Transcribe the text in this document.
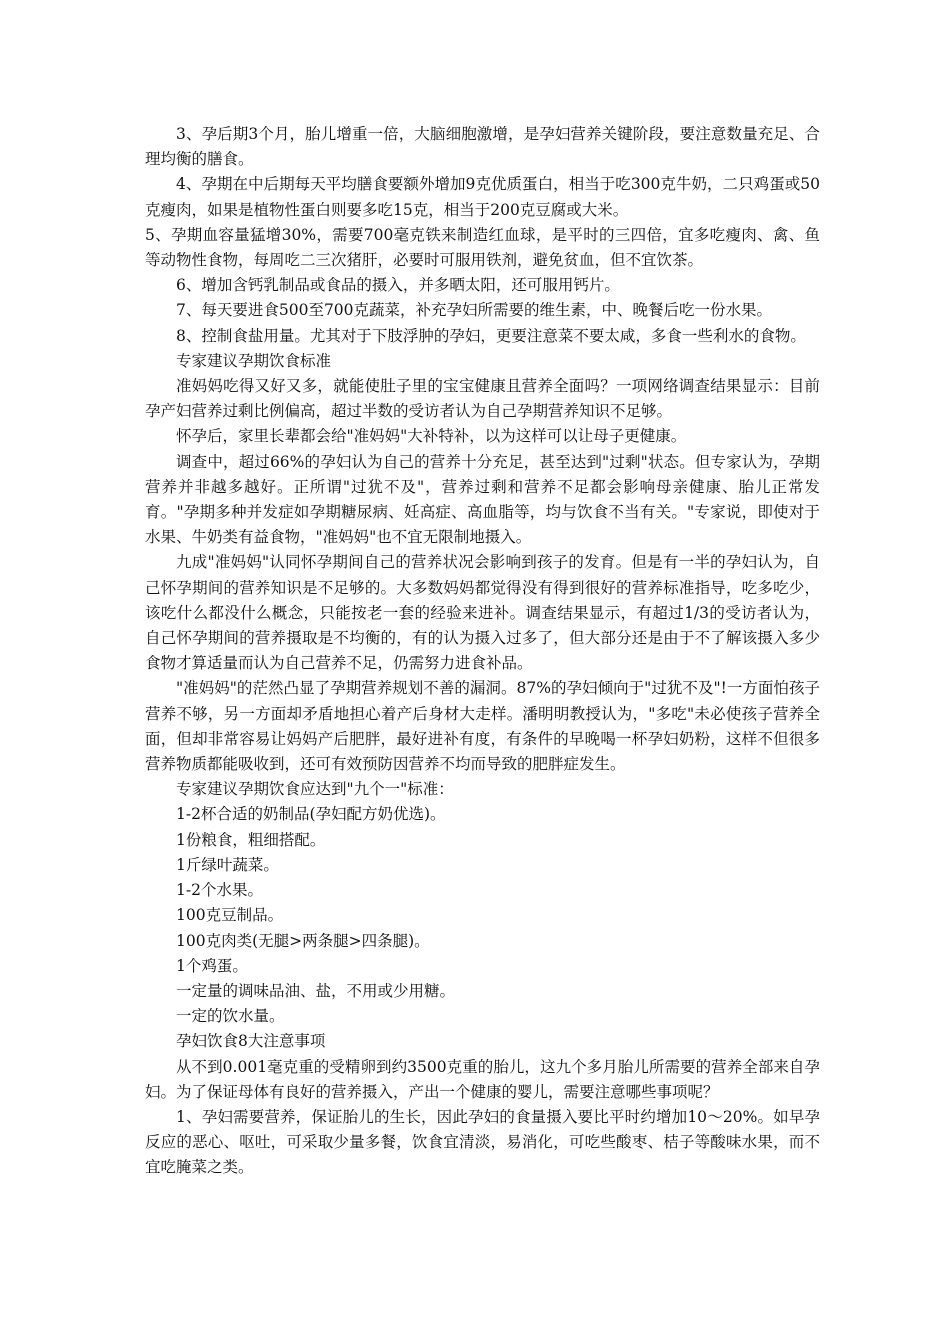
3、孕后期3个月，胎儿增重一倍，大脑细胞激增，是孕妇营养关键阶段，要注意数量充足、合理均衡的膳食。

4、孕期在中后期每天平均膳食要额外增加9克优质蛋白，相当于吃300克牛奶，二只鸡蛋或50克瘦肉，如果是植物性蛋白则要多吃15克，相当于200克豆腐或大米。

5、孕期血容量猛增30%，需要700毫克铁来制造红血球，是平时的三四倍，宜多吃瘦肉、禽、鱼等动物性食物，每周吃二三次猪肝，必要时可服用铁剂，避免贫血，但不宜饮茶。

6、增加含钙乳制品或食品的摄入，并多晒太阳，还可服用钙片。

7、每天要进食500至700克蔬菜，补充孕妇所需要的维生素，中、晚餐后吃一份水果。

8、控制食盐用量。尤其对于下肢浮肿的孕妇，更要注意菜不要太咸，多食一些利水的食物。

专家建议孕期饮食标准

准妈妈吃得又好又多，就能使肚子里的宝宝健康且营养全面吗？一项网络调查结果显示：目前孕产妇营养过剩比例偏高，超过半数的受访者认为自己孕期营养知识不足够。

怀孕后，家里长辈都会给"准妈妈"大补特补，以为这样可以让母子更健康。

调查中，超过66%的孕妇认为自己的营养十分充足，甚至达到"过剩"状态。但专家认为，孕期营养并非越多越好。正所谓"过犹不及"，营养过剩和营养不足都会影响母亲健康、胎儿正常发育。"孕期多种并发症如孕期糖尿病、妊高症、高血脂等，均与饮食不当有关。"专家说，即使对于水果、牛奶类有益食物，"准妈妈"也不宜无限制地摄入。

九成"准妈妈"认同怀孕期间自己的营养状况会影响到孩子的发育。但是有一半的孕妇认为，自己怀孕期间的营养知识是不足够的。大多数妈妈都觉得没有得到很好的营养标准指导，吃多吃少，该吃什么都没什么概念，只能按老一套的经验来进补。调查结果显示，有超过1/3的受访者认为，自己怀孕期间的营养摄取是不均衡的，有的认为摄入过多了，但大部分还是由于不了解该摄入多少食物才算适量而认为自己营养不足，仍需努力进食补品。

"准妈妈"的茫然凸显了孕期营养规划不善的漏洞。87%的孕妇倾向于"过犹不及"!一方面怕孩子营养不够，另一方面却矛盾地担心着产后身材大走样。潘明明教授认为，"多吃"未必使孩子营养全面，但却非常容易让妈妈产后肥胖，最好进补有度，有条件的早晚喝一杯孕妇奶粉，这样不但很多营养物质都能吸收到，还可有效预防因营养不均而导致的肥胖症发生。

专家建议孕期饮食应达到"九个一"标准：

1-2杯合适的奶制品(孕妇配方奶优选)。

1份粮食，粗细搭配。

1斤绿叶蔬菜。

1-2个水果。

100克豆制品。

100克肉类(无腿>两条腿>四条腿)。

1个鸡蛋。

一定量的调味品油、盐，不用或少用糖。

一定的饮水量。

孕妇饮食8大注意事项

从不到0.001毫克重的受精卵到约3500克重的胎儿，这九个多月胎儿所需要的营养全部来自孕妇。为了保证母体有良好的营养摄入，产出一个健康的婴儿，需要注意哪些事项呢？

1、孕妇需要营养，保证胎儿的生长，因此孕妇的食量摄入要比平时约增加10～20%。如早孕反应的恶心、呕吐，可采取少量多餐，饮食宜清淡，易消化，可吃些酸枣、桔子等酸味水果，而不宜吃腌菜之类。
